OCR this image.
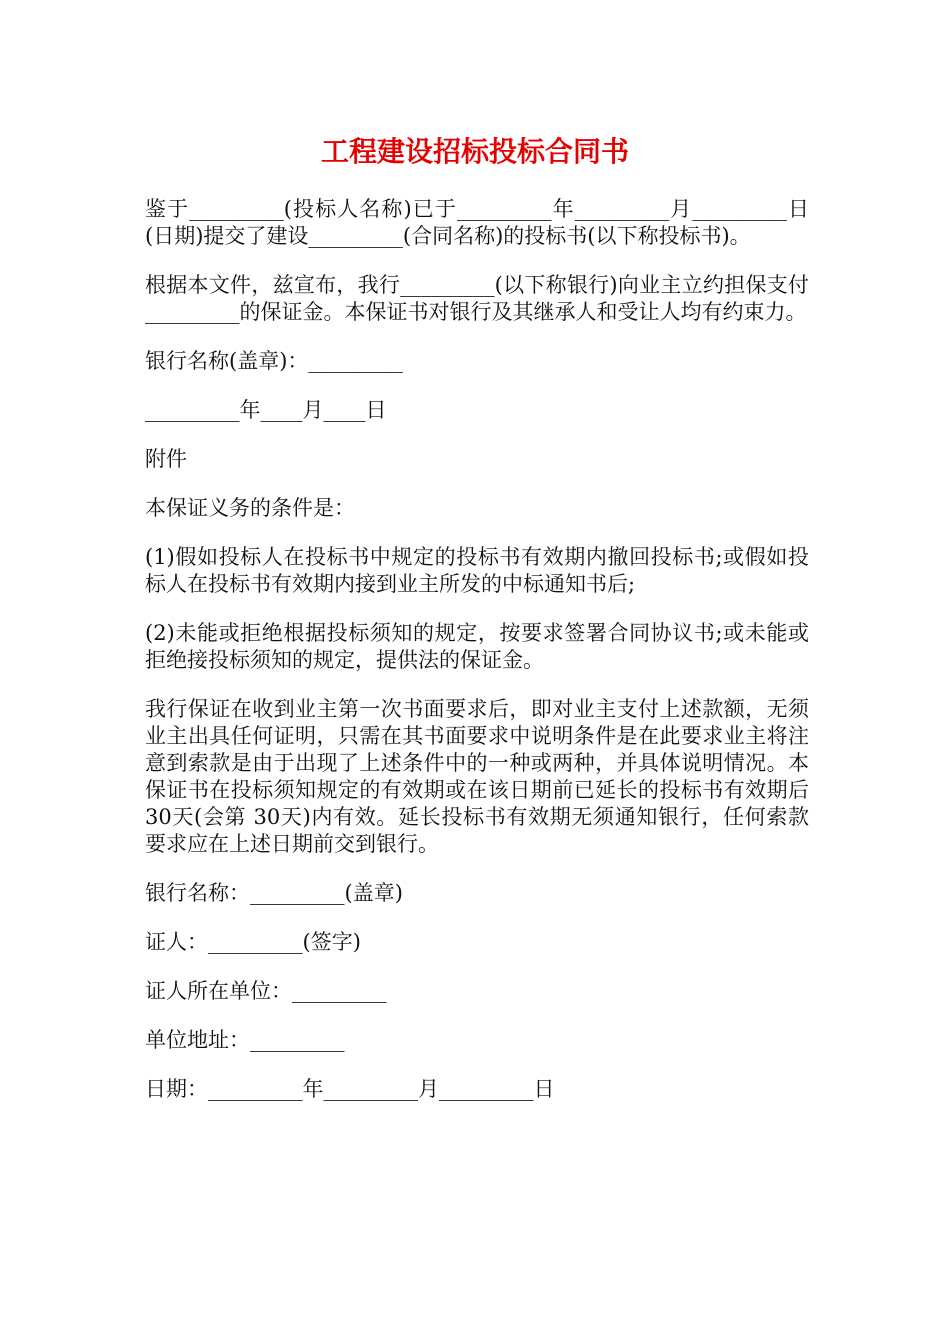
工程建设招标投标合同书

鉴于_________(投标人名称)已于_________年_________月_________日(日期)提交了建设_________(合同名称)的投标书(以下称投标书)。

根据本文件，兹宣布，我行_________(以下称银行)向业主立约担保支付_________的保证金。本保证书对银行及其继承人和受让人均有约束力。

银行名称(盖章)：_________

_________年____月____日

附件

本保证义务的条件是：

(1)假如投标人在投标书中规定的投标书有效期内撤回投标书;或假如投标人在投标书有效期内接到业主所发的中标通知书后;

(2)未能或拒绝根据投标须知的规定，按要求签署合同协议书;或未能或拒绝接投标须知的规定，提供法的保证金。

我行保证在收到业主第一次书面要求后，即对业主支付上述款额，无须业主出具任何证明，只需在其书面要求中说明条件是在此要求业主将注意到索款是由于出现了上述条件中的一种或两种，并具体说明情况。本保证书在投标须知规定的有效期或在该日期前已延长的投标书有效期后 30天(会第 30天)内有效。延长投标书有效期无须通知银行，任何索款要求应在上述日期前交到银行。

银行名称：_________(盖章)

证人：_________(签字)

证人所在单位：_________

单位地址：_________

日期：_________年_________月_________日
